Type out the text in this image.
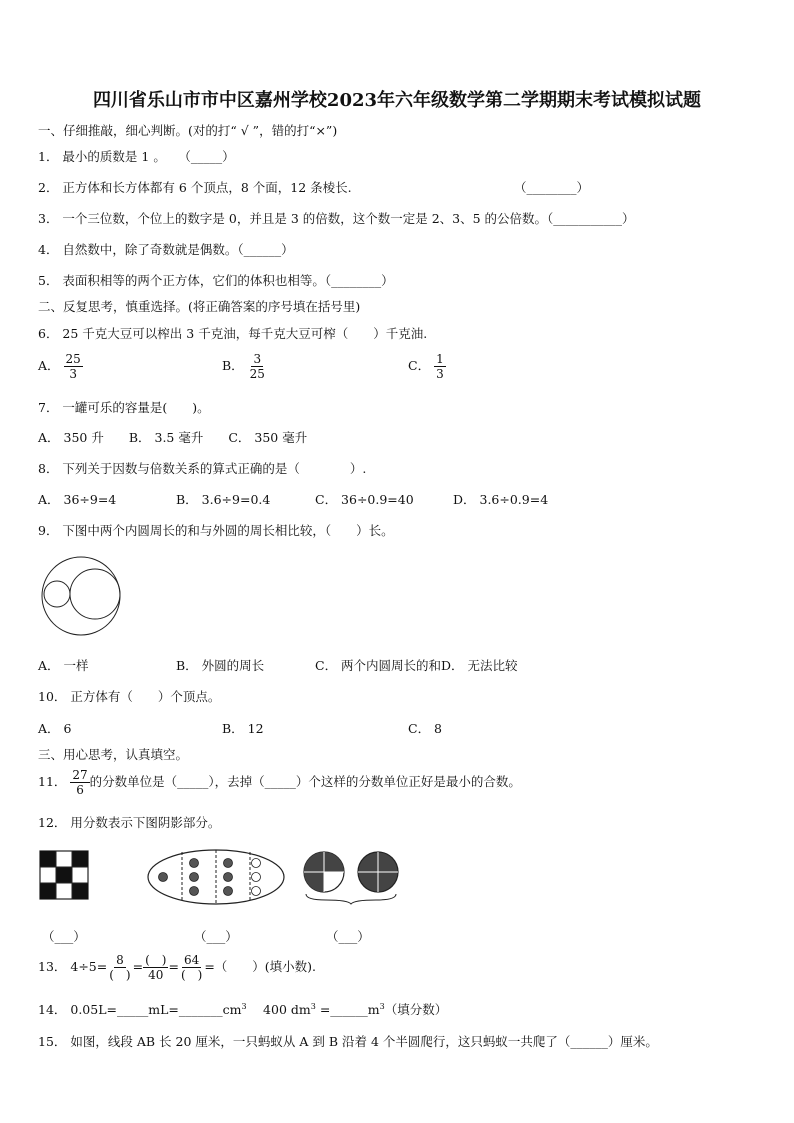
四川省乐山市市中区嘉州学校2023年六年级数学第二学期期末考试模拟试题
一、仔细推敲，细心判断。(对的打“ √ ”，错的打“×”)
1． 最小的质数是 1 。　　（_____）
2． 正方体和长方体都有 6 个顶点，8 个面，12 条棱长.	（________）
3． 一个三位数，个位上的数字是 0，并且是 3 的倍数，这个数一定是 2、3、5 的公倍数。（___________）
4． 自然数中，除了奇数就是偶数。（______）
5． 表面积相等的两个正方体，它们的体积也相等。（________）
二、反复思考，慎重选择。(将正确答案的序号填在括号里)
6． 25 千克大豆可以榨出 3 千克油，每千克大豆可榨（　　）千克油.
A． $\frac{25}{3}$	B． $\frac{3}{25}$	C． $\frac{1}{3}$
7． 一罐可乐的容量是(　　)。
A． 350 升　　B． 3.5 毫升　　C． 350 毫升
8． 下列关于因数与倍数关系的算式正确的是（　　　　）.
A． 36÷9=4	B． 3.6÷9=0.4	C． 36÷0.9=40	D． 3.6÷0.9=4
9． 下图中两个内圆周长的和与外圆的周长相比较，（　　）长。
A． 一样	B． 外圆的周长	C． 两个内圆周长的和D． 无法比较
10． 正方体有（　　）个顶点。
A． 6	B． 12	C． 8
三、用心思考，认真填空。
11． $\frac{27}{6}$ 的分数单位是（_____），去掉（_____）个这样的分数单位正好是最小的合数。
12． 用分数表示下图阴影部分。
（___）	（___）	（___）
13． $4\div 5= \frac{8}{( )} = \frac{( )}{40} = \frac{64}{( )}$ =（　　）(填小数).
14． $0.05L=\_\_\_\_\_mL=\_\_\_\_\_\_\_cm^3$　 400 $dm^3$ $=\_\_\_\_\_\_m^3$（填分数）
15． 如图，线段 AB 长 20 厘米，一只蚂蚁从 A 到 B 沿着 4 个半圆爬行，这只蚂蚁一共爬了（______）厘米。
